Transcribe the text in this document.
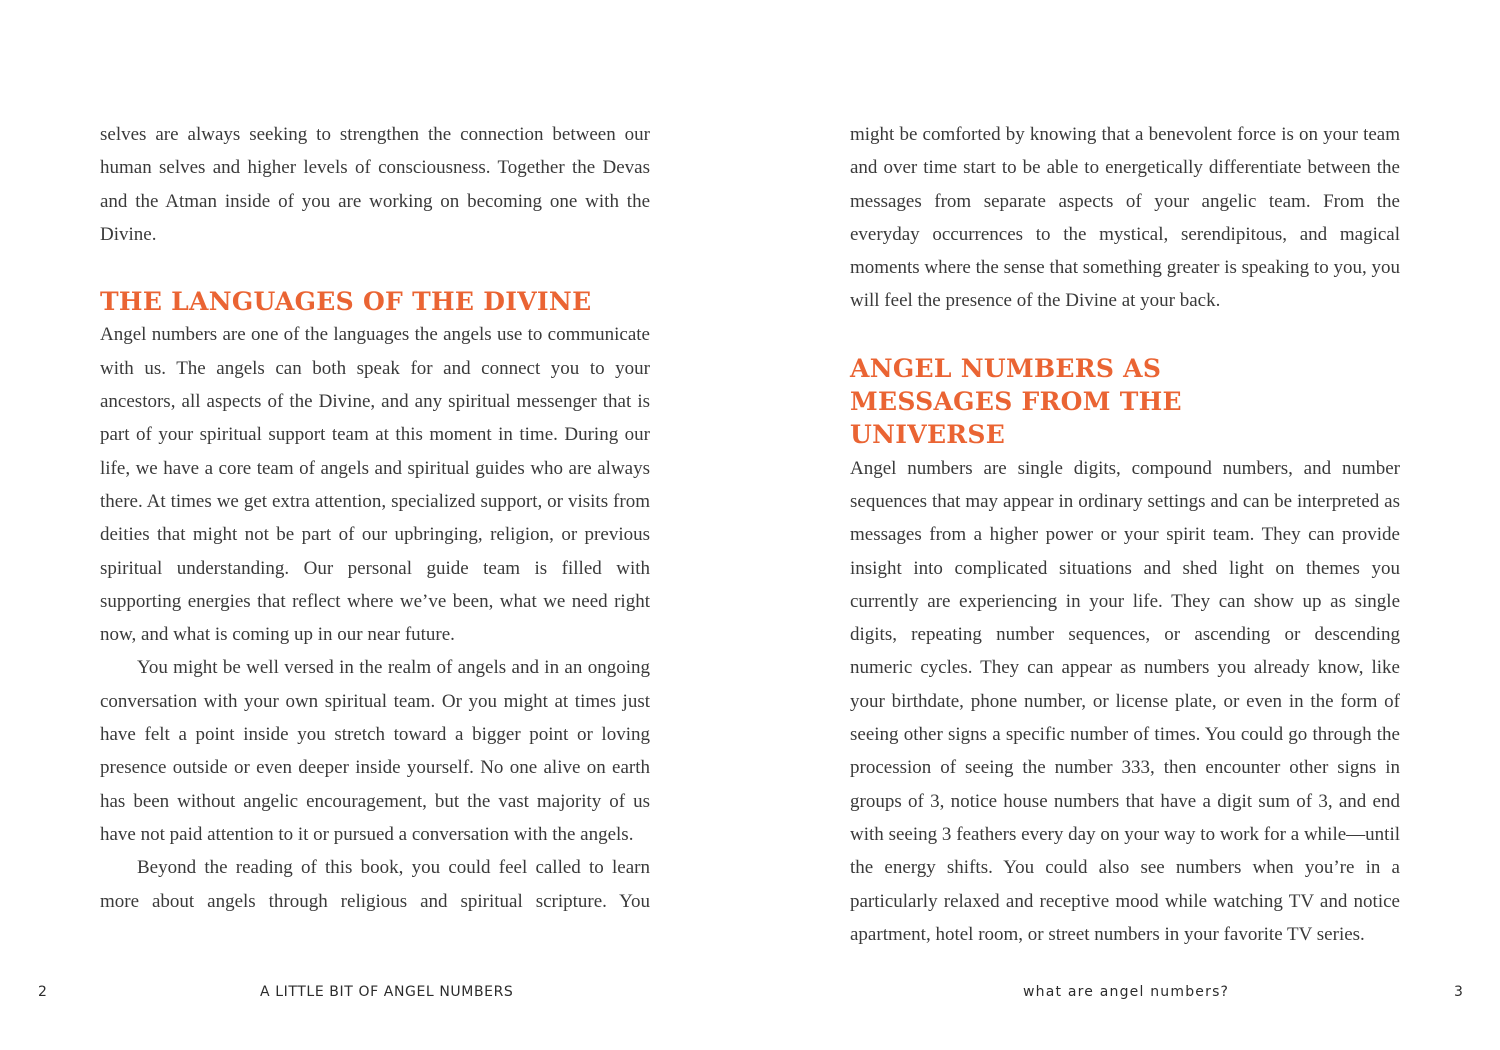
selves are always seeking to strengthen the connection between our human selves and higher levels of consciousness. Together the Devas and the Atman inside of you are working on becoming one with the Divine.

THE LANGUAGES OF THE DIVINE

Angel numbers are one of the languages the angels use to communicate with us. The angels can both speak for and connect you to your ancestors, all aspects of the Divine, and any spiritual messenger that is part of your spiritual support team at this moment in time. During our life, we have a core team of angels and spiritual guides who are always there. At times we get extra attention, specialized support, or visits from deities that might not be part of our upbringing, religion, or previous spiritual understanding. Our personal guide team is filled with supporting energies that reflect where we’ve been, what we need right now, and what is coming up in our near future.

You might be well versed in the realm of angels and in an ongoing conversation with your own spiritual team. Or you might at times just have felt a point inside you stretch toward a bigger point or loving presence outside or even deeper inside yourself. No one alive on earth has been without angelic encouragement, but the vast majority of us have not paid attention to it or pursued a conversation with the angels.

Beyond the reading of this book, you could feel called to learn more about angels through religious and spiritual scripture. You

2	A LITTLE BIT OF ANGEL NUMBERS

might be comforted by knowing that a benevolent force is on your team and over time start to be able to energetically differentiate between the messages from separate aspects of your angelic team. From the everyday occurrences to the mystical, serendipitous, and magical moments where the sense that something greater is speaking to you, you will feel the presence of the Divine at your back.

ANGEL NUMBERS AS MESSAGES FROM THE UNIVERSE

Angel numbers are single digits, compound numbers, and number sequences that may appear in ordinary settings and can be interpreted as messages from a higher power or your spirit team. They can provide insight into complicated situations and shed light on themes you currently are experiencing in your life. They can show up as single digits, repeating number sequences, or ascending or descending numeric cycles. They can appear as numbers you already know, like your birthdate, phone number, or license plate, or even in the form of seeing other signs a specific number of times. You could go through the procession of seeing the number 333, then encounter other signs in groups of 3, notice house numbers that have a digit sum of 3, and end with seeing 3 feathers every day on your way to work for a while—until the energy shifts. You could also see numbers when you’re in a particularly relaxed and receptive mood while watching TV and notice apartment, hotel room, or street numbers in your favorite TV series.

what are angel numbers?	3
